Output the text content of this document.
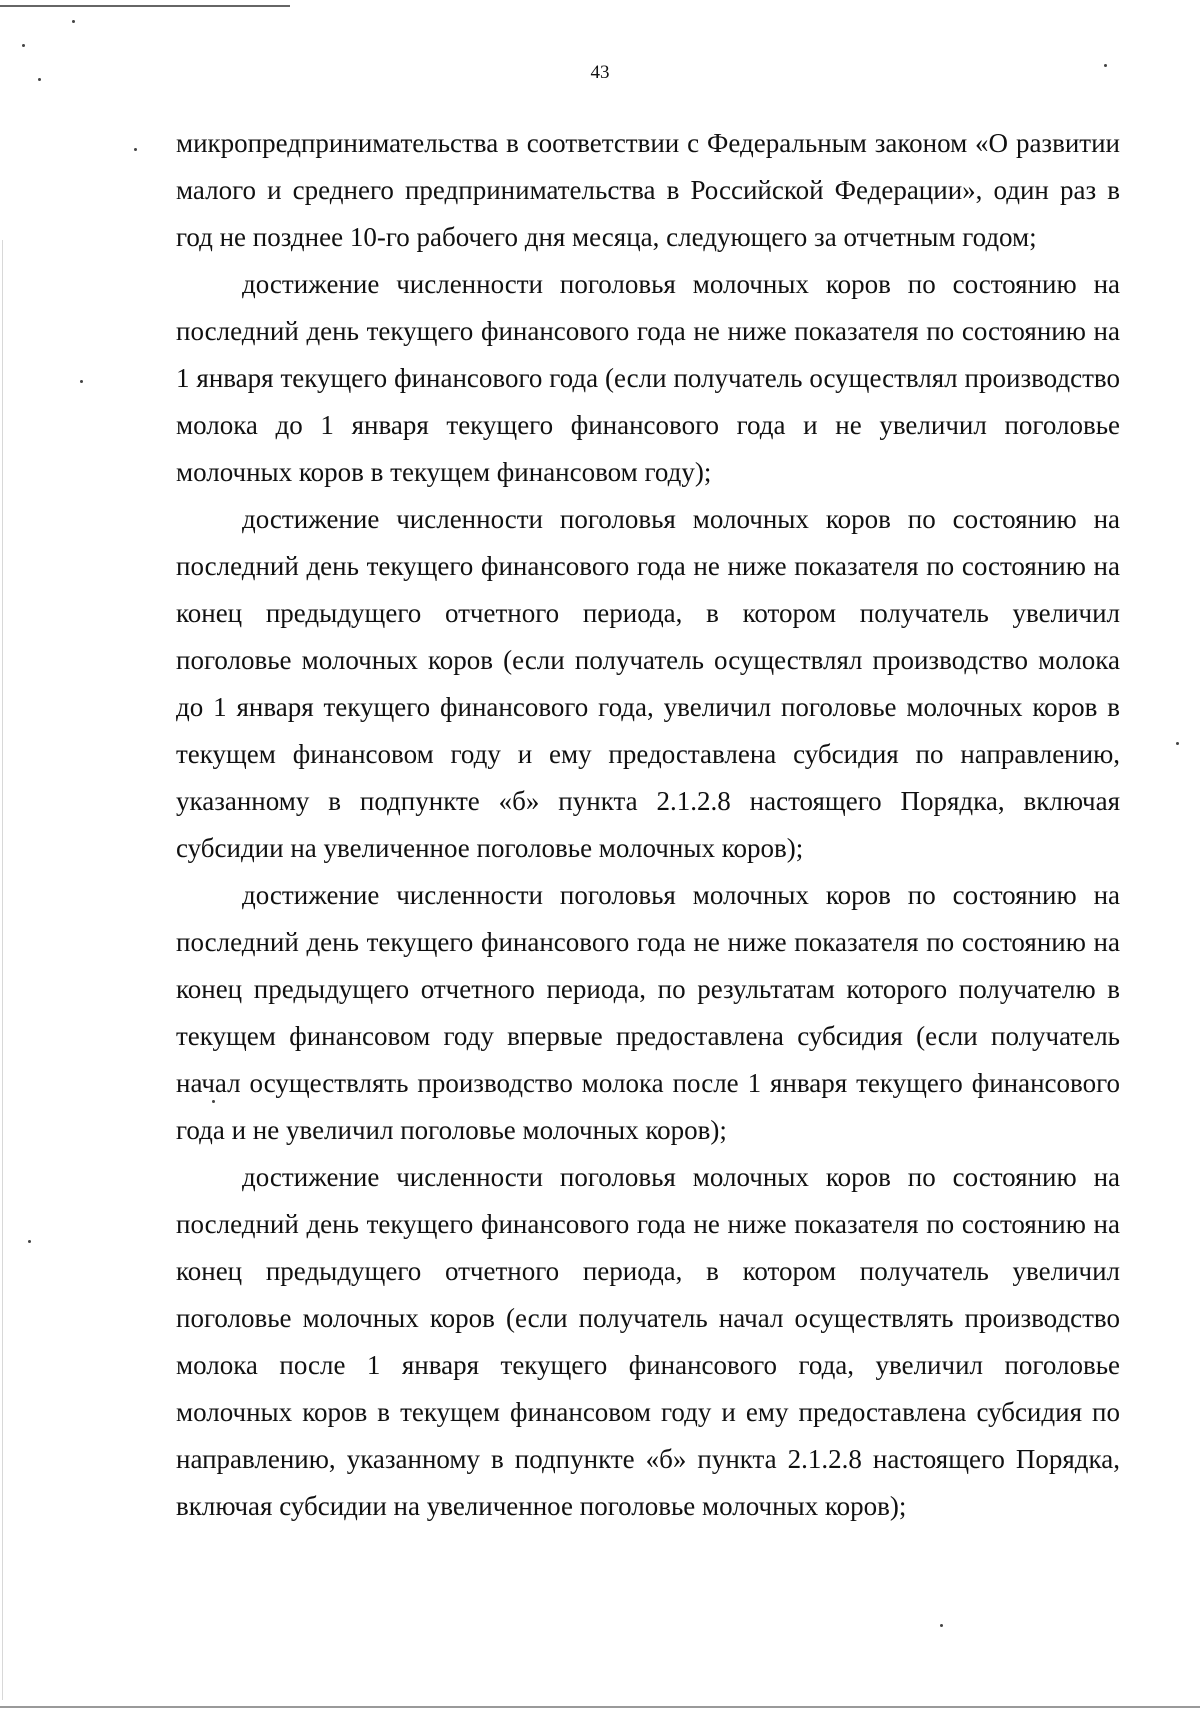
43

микропредпринимательства в соответствии с Федеральным законом «О развитии малого и среднего предпринимательства в Российской Федерации», один раз в год не позднее 10-го рабочего дня месяца, следующего за отчетным годом;

достижение численности поголовья молочных коров по состоянию на последний день текущего финансового года не ниже показателя по состоянию на 1 января текущего финансового года (если получатель осуществлял производство молока до 1 января текущего финансового года и не увеличил поголовье молочных коров в текущем финансовом году);

достижение численности поголовья молочных коров по состоянию на последний день текущего финансового года не ниже показателя по состоянию на конец предыдущего отчетного периода, в котором получатель увеличил поголовье молочных коров (если получатель осуществлял производство молока до 1 января текущего финансового года, увеличил поголовье молочных коров в текущем финансовом году и ему предоставлена субсидия по направлению, указанному в подпункте «б» пункта 2.1.2.8 настоящего Порядка, включая субсидии на увеличенное поголовье молочных коров);

достижение численности поголовья молочных коров по состоянию на последний день текущего финансового года не ниже показателя по состоянию на конец предыдущего отчетного периода, по результатам которого получателю в текущем финансовом году впервые предоставлена субсидия (если получатель начал осуществлять производство молока после 1 января текущего финансового года и не увеличил поголовье молочных коров);

достижение численности поголовья молочных коров по состоянию на последний день текущего финансового года не ниже показателя по состоянию на конец предыдущего отчетного периода, в котором получатель увеличил поголовье молочных коров (если получатель начал осуществлять производство молока после 1 января текущего финансового года, увеличил поголовье молочных коров в текущем финансовом году и ему предоставлена субсидия по направлению, указанному в подпункте «б» пункта 2.1.2.8 настоящего Порядка, включая субсидии на увеличенное поголовье молочных коров);
